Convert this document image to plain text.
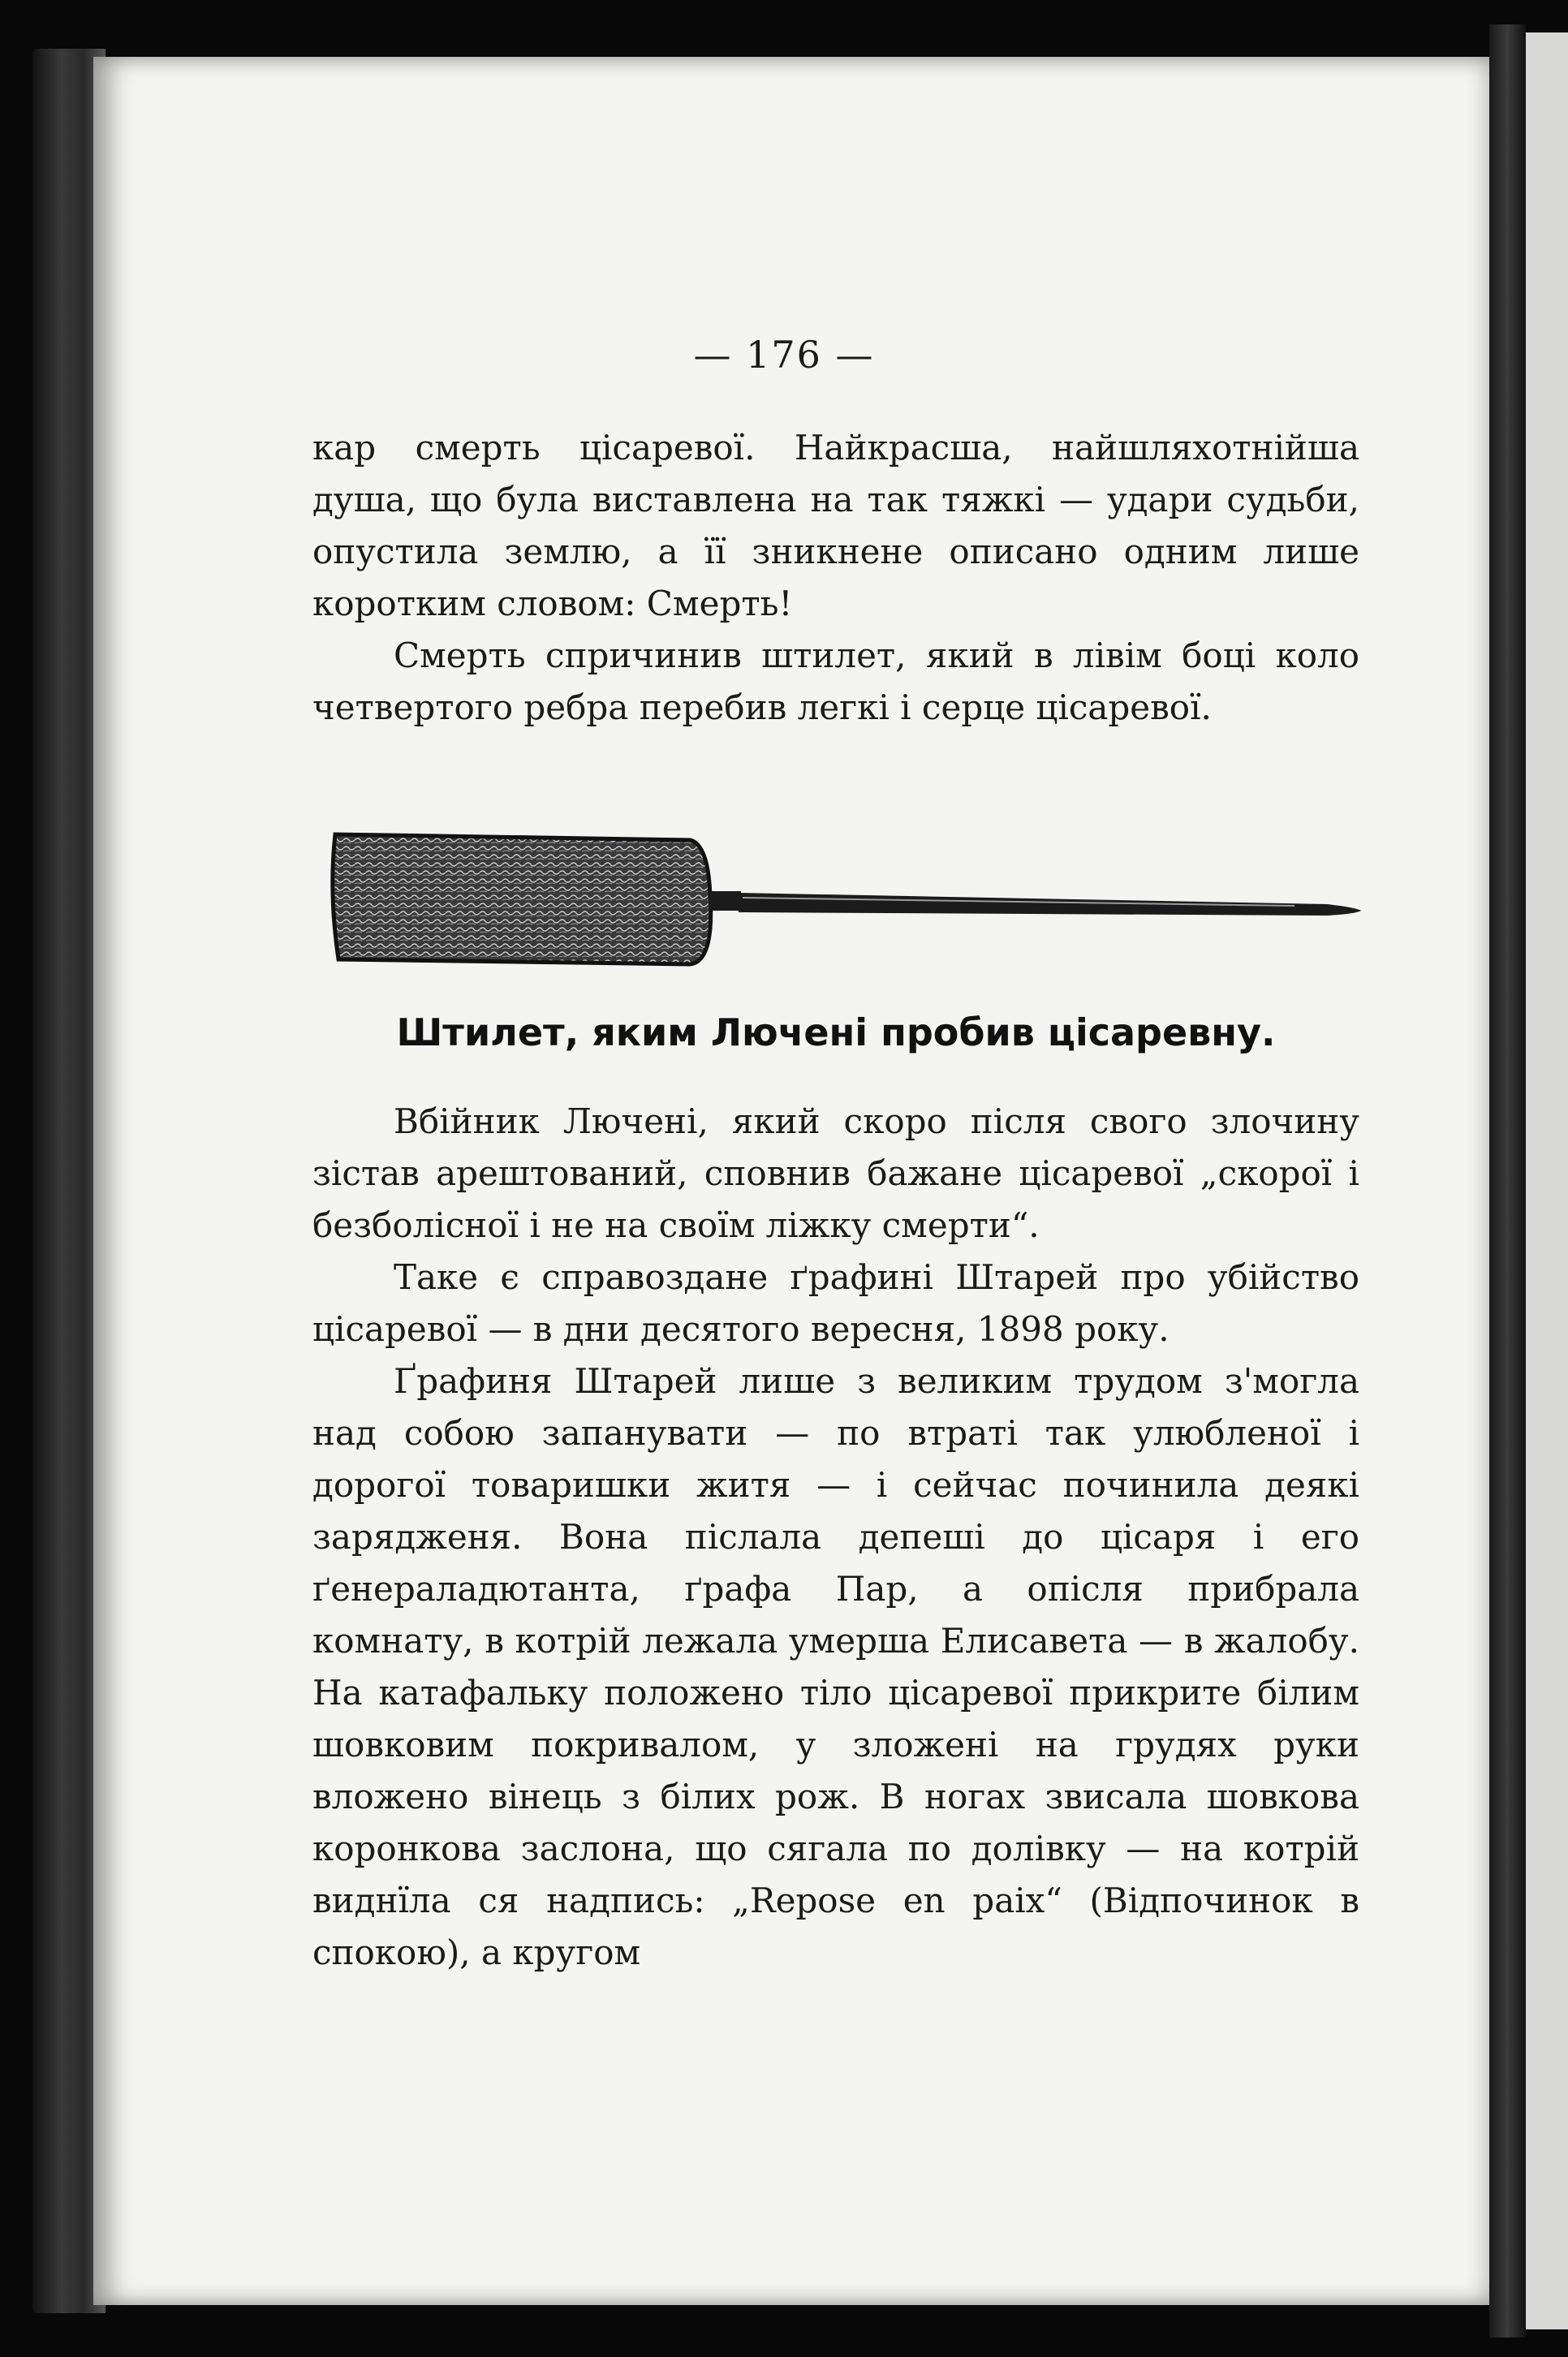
— 176 —

кар смерть цісаревої. Найкрасша, найшляхотнійша душа, що була виставлена на так тяжкі — удари судьби, опустила землю, а її зникнене описано одним лише коротким словом: Смерть!

Смерть спричинив штилет, який в лівім боці коло четвертого ребра перебив легкі і серце цісаревої.

Штилет, яким Лючені пробив цісаревну.

Вбійник Лючені, який скоро після свого злочину зістав арештований, сповнив бажане цісаревої „скорої і безболісної і не на своїм ліжку смерти“.

Таке є справоздане ґрафині Штарей про убійство цісаревої — в дни десятого вересня, 1898 року.

Ґрафиня Штарей лише з великим трудом з'могла над собою запанувати — по втраті так улюбленої і дорогої товаришки житя — і сейчас починила деякі зарядженя. Вона післала депеші до цісаря і его ґенераладютанта, ґрафа Пар, а опісля прибрала комнату, в котрій лежала умерша Елисавета — в жалобу. На катафальку положено тіло цісаревої прикрите білим шовковим покривалом, у зложені на грудях руки вложено вінець з білих рож. В ногах звисала шовкова коронкова заслона, що сягала по долівку — на котрій виднїла ся надпись: „Repose en paix“ (Відпочинок в спокою), а кругом
